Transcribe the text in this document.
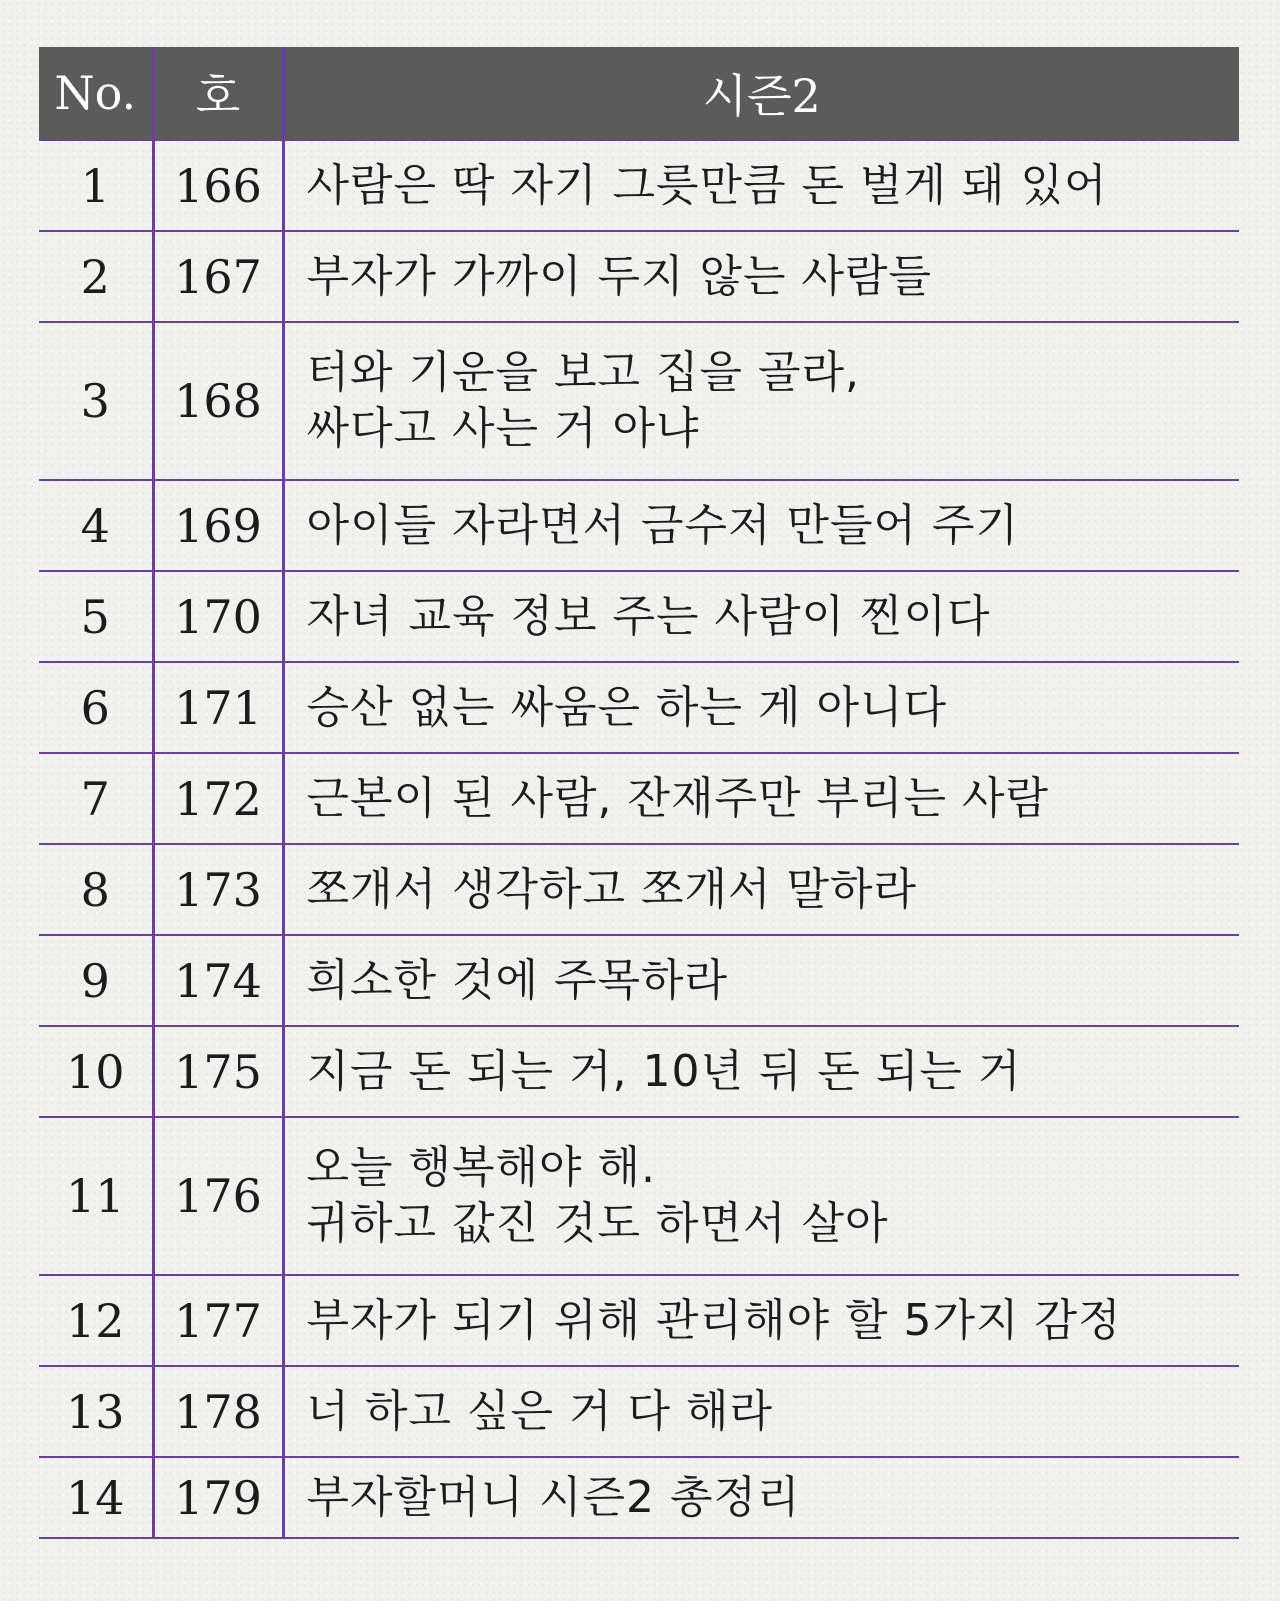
No.	호	시즌2
1	166	사람은 딱 자기 그릇만큼 돈 벌게 돼 있어

2	167	부자가 가까이 두지 않는 사람들

3	168	터와 기운을 보고 집을 골라,
싸다고 사는 거 아냐

4	169	아이들 자라면서 금수저 만들어 주기

5	170	자녀 교육 정보 주는 사람이 찐이다

6	171	승산 없는 싸움은 하는 게 아니다

7	172	근본이 된 사람, 잔재주만 부리는 사람

8	173	쪼개서 생각하고 쪼개서 말하라

9	174	희소한 것에 주목하라

10	175	지금 돈 되는 거, 10년 뒤 돈 되는 거

11	176	오늘 행복해야 해.
귀하고 값진 것도 하면서 살아

12	177	부자가 되기 위해 관리해야 할 5가지 감정

13	178	너 하고 싶은 거 다 해라

14	179	부자할머니 시즌2 총정리
